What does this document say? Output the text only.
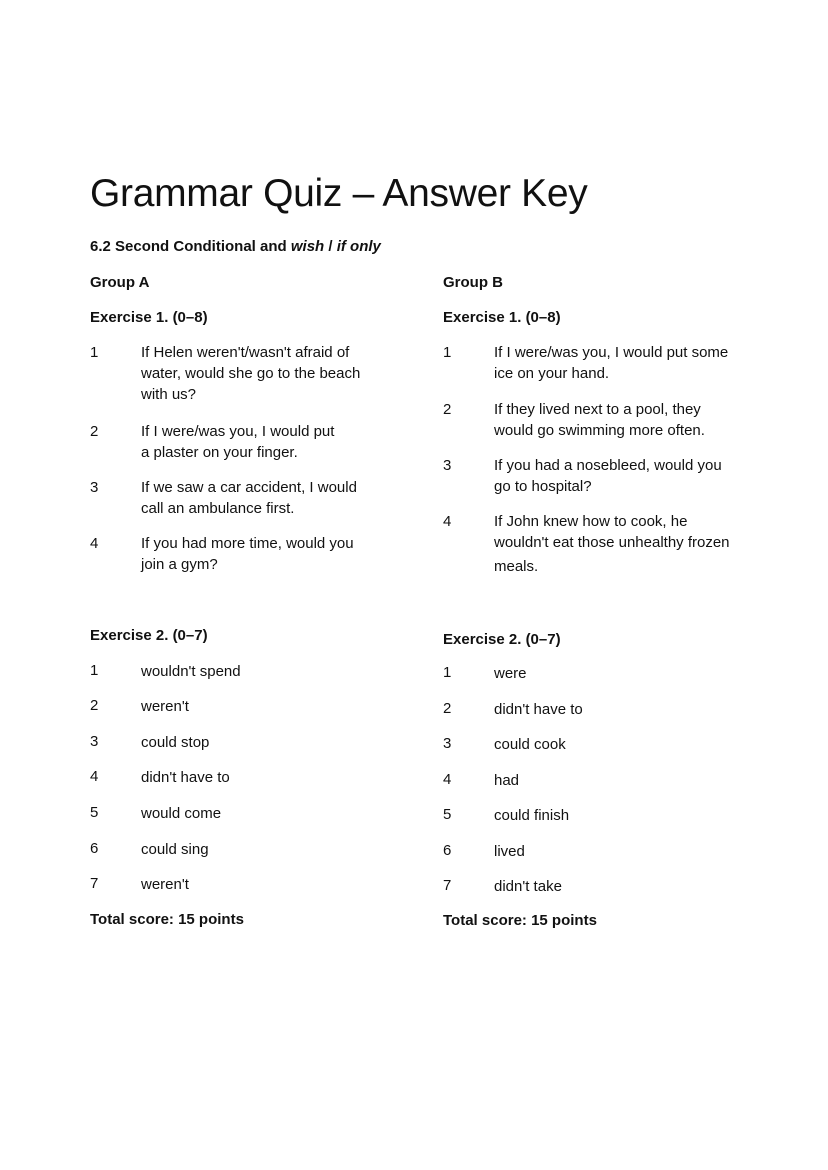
Grammar Quiz – Answer Key
6.2 Second Conditional and wish / if only
Group A
Exercise 1. (0–8)
1	If Helen weren't/wasn't afraid of
water, would she go to the beach
with us?
2	If I were/was you, I would put
a plaster on your finger.
3	If we saw a car accident, I would
call an ambulance first.
4	If you had more time, would you
join a gym?
Exercise 2. (0–7)
1	wouldn't spend
2	weren't
3	could stop
4	didn't have to
5	would come
6	could sing
7	weren't
Total score: 15 points
Group B
Exercise 1. (0–8)
1	If I were/was you, I would put some
ice on your hand.
2	If they lived next to a pool, they
would go swimming more often.
3	If you had a nosebleed, would you
go to hospital?
4	If John knew how to cook, he
wouldn't eat those unhealthy frozen
meals.
Exercise 2. (0–7)
1	were
2	didn't have to
3	could cook
4	had
5	could finish
6	lived
7	didn't take
Total score: 15 points
